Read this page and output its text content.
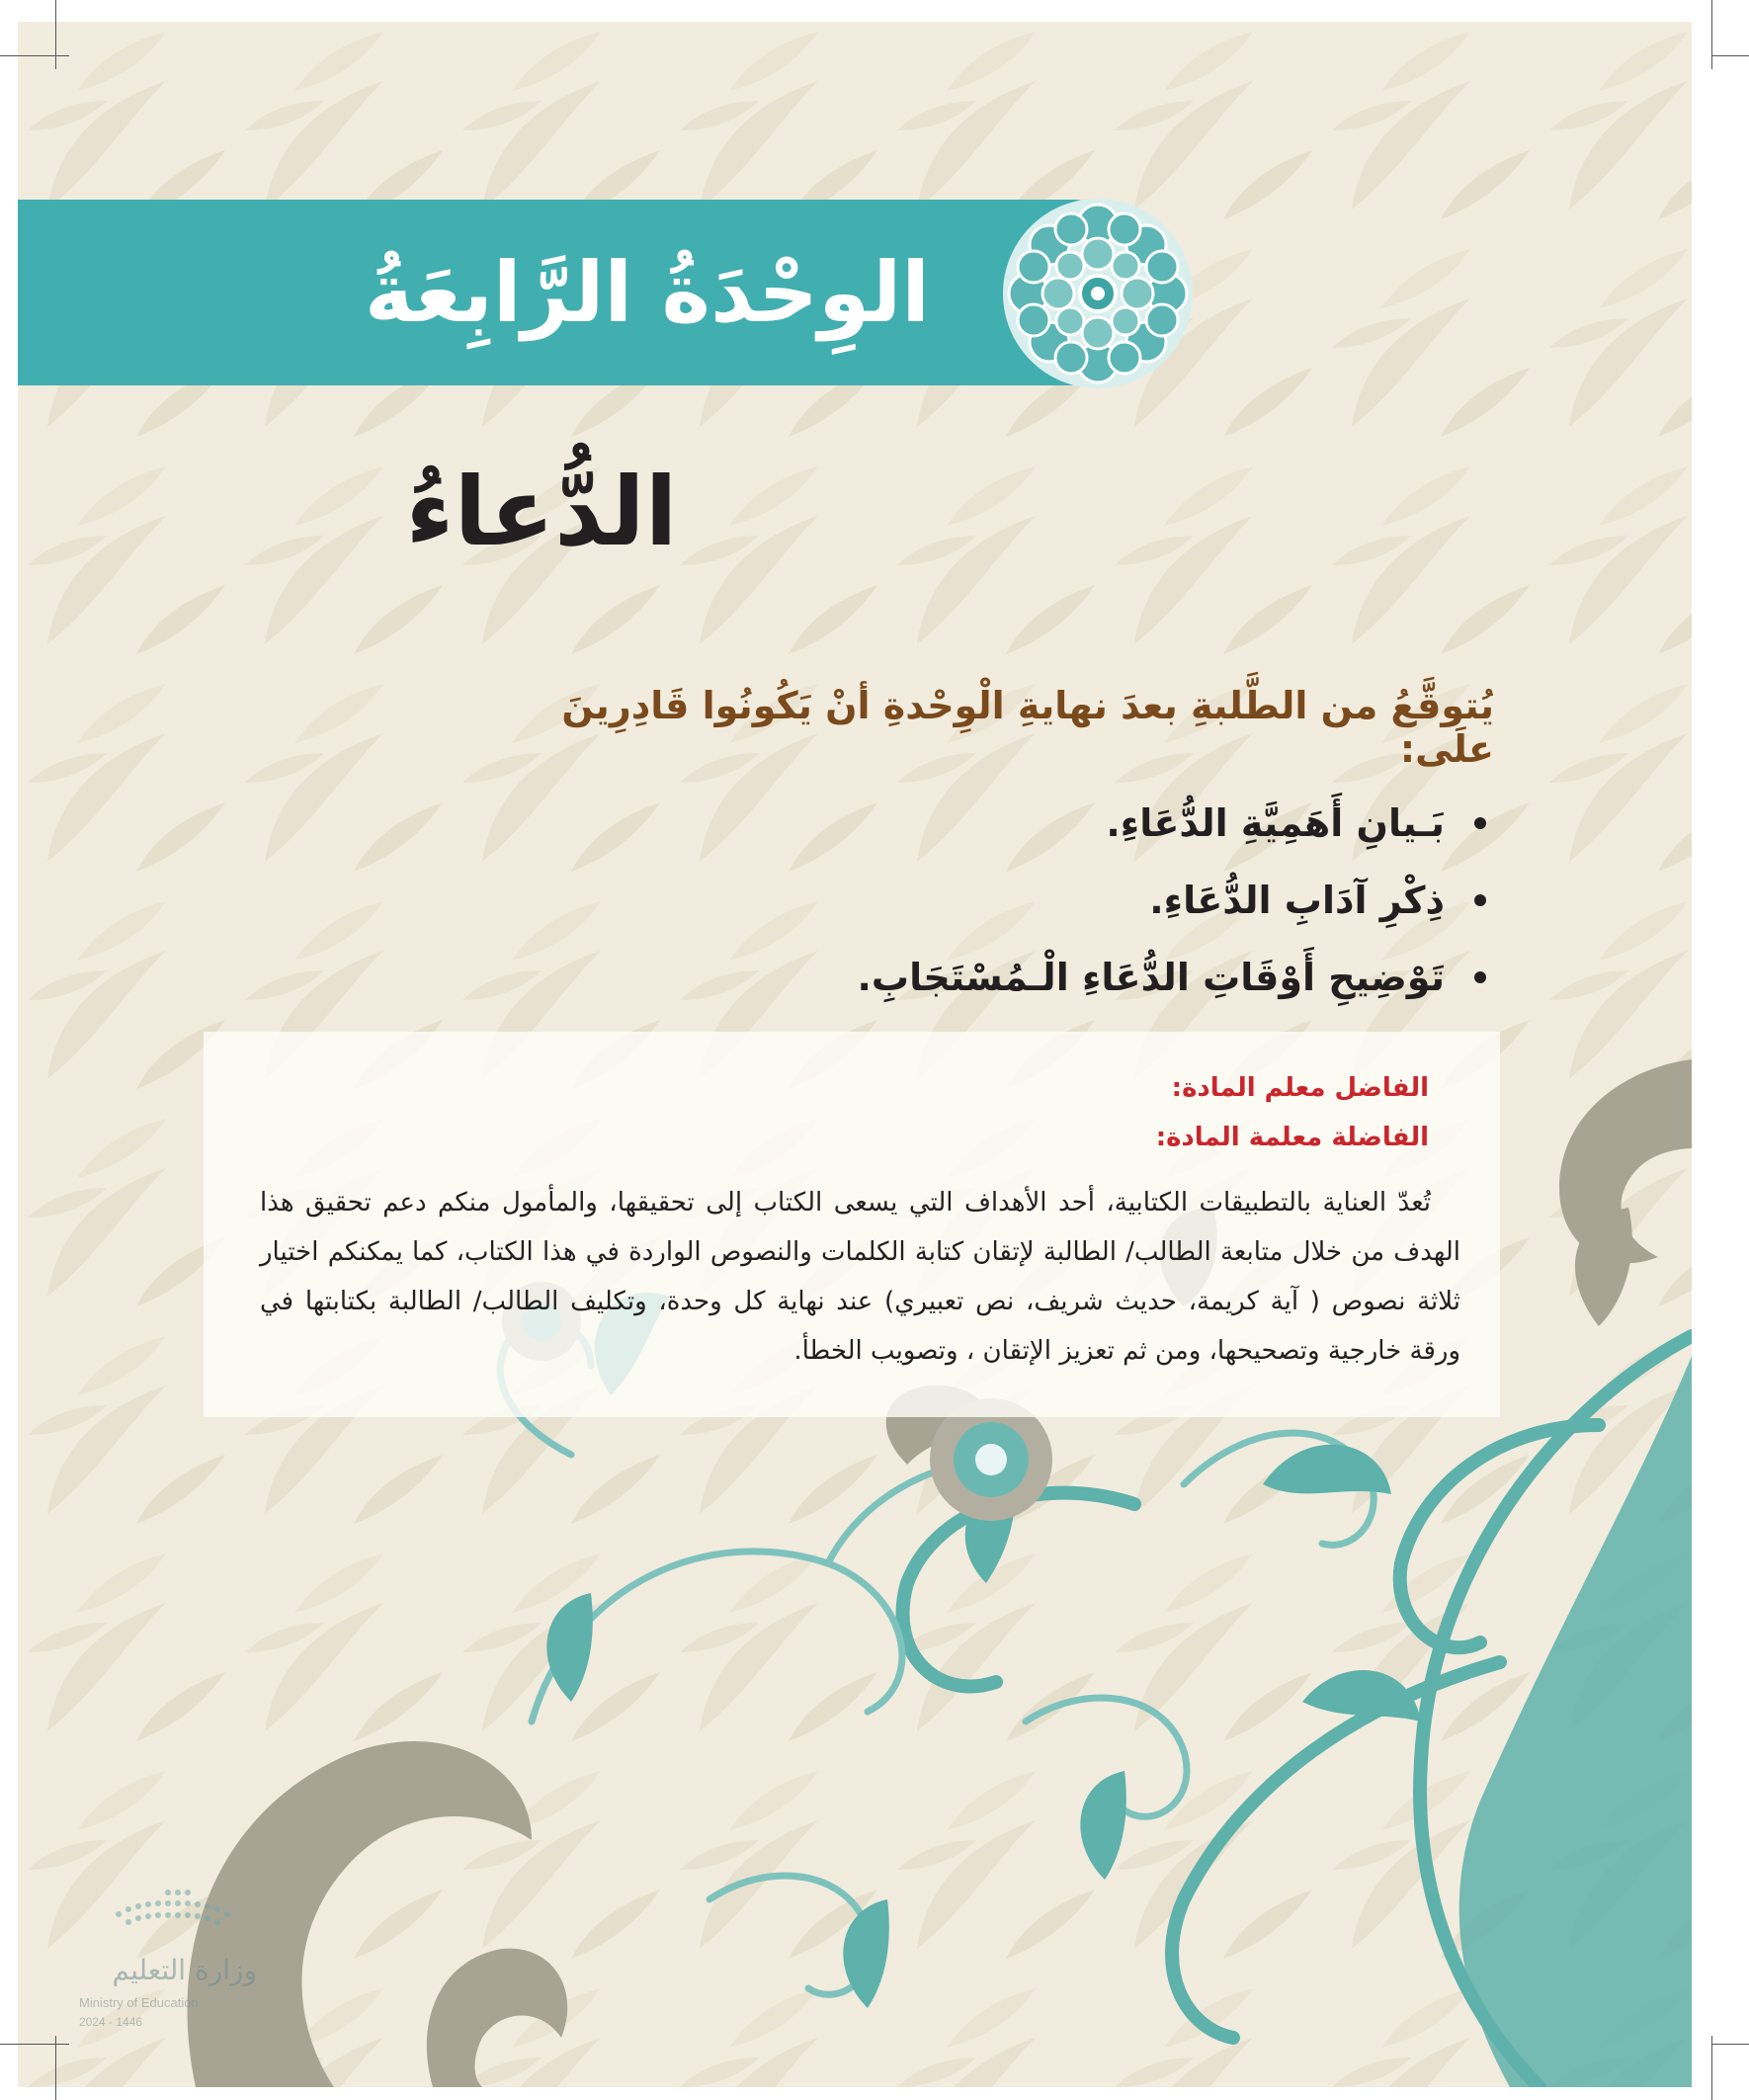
الوِحْدَةُ الرَّابِعَةُ
الدُّعاءُ

يُتوقَّعُ من الطَّلبةِ بعدَ نهايةِ الْوِحْدةِ أنْ يَكُونُوا قَادِرِينَ علَى:

بَـيانِ أَهَمِيَّةِ الدُّعَاءِ.
ذِكْرِ آدَابِ الدُّعَاءِ.
تَوْضِيحِ أَوْقَاتِ الدُّعَاءِ الْـمُسْتَجَابِ.
الفاضل معلم المادة:
الفاضلة معلمة المادة:
تُعدّ العناية بالتطبيقات الكتابية، أحد الأهداف التي يسعى الكتاب إلى تحقيقها، والمأمول منكم دعم تحقيق هذا الهدف من خلال متابعة الطالب/ الطالبة لإتقان كتابة الكلمات والنصوص الواردة في هذا الكتاب، كما يمكنكم اختيار ثلاثة نصوص ( آية كريمة، حديث شريف، نص تعبيري) عند نهاية كل وحدة، وتكليف الطالب/ الطالبة بكتابتها في ورقة خارجية وتصحيحها، ومن ثم تعزيز الإتقان ، وتصويب الخطأ.
وزارة التعليم
Ministry of Education
2024 - 1446
